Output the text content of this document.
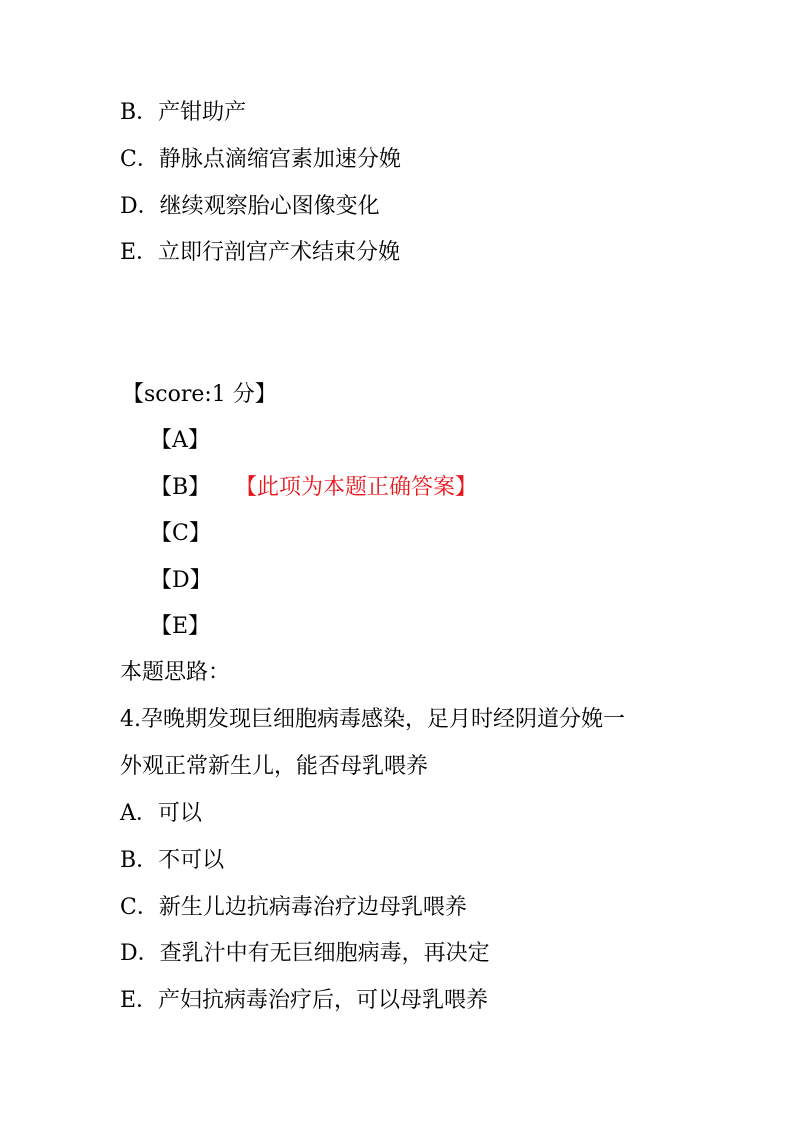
B．产钳助产

C．静脉点滴缩宫素加速分娩

D．继续观察胎心图像变化

E．立即行剖宫产术结束分娩

【score:1 分】

【A】

【B】 【此项为本题正确答案】

【C】

【D】

【E】

本题思路：

4.孕晚期发现巨细胞病毒感染，足月时经阴道分娩一

外观正常新生儿，能否母乳喂养

A．可以

B．不可以

C．新生儿边抗病毒治疗边母乳喂养

D．查乳汁中有无巨细胞病毒，再决定

E．产妇抗病毒治疗后，可以母乳喂养
